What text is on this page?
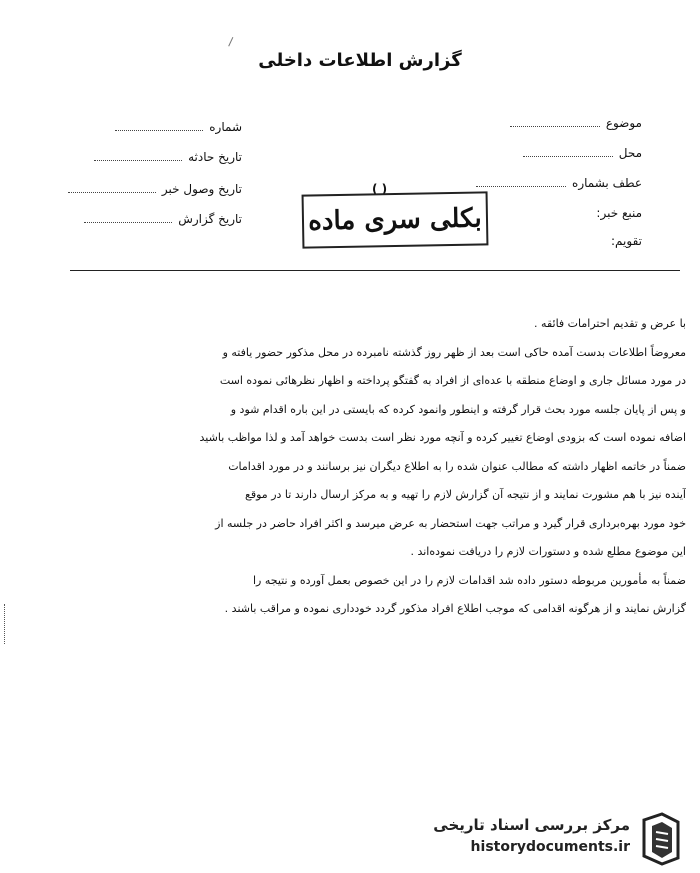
گزارش اطلاعات داخلی
موضوع
محل
عطف بشماره
منبع خبر:
تقویم:
شماره
تاریخ حادثه
تاریخ وصول خبر
تاریخ گزارش
( )
بکلی سری ماده
با عرض و تقدیم احترامات فائقه .
معروضاً اطلاعات بدست آمده حاکی است بعد از ظهر روز گذشته نامبرده در محل مذکور حضور یافته و
در مورد مسائل جاری و اوضاع منطقه با عده‌ای از افراد به گفتگو پرداخته و اظهار نظرهائی نموده است
و پس از پایان جلسه مورد بحث قرار گرفته و اینطور وانمود کرده که بایستی در این باره اقدام شود و
اضافه نموده است که بزودی اوضاع تغییر کرده و آنچه مورد نظر است بدست خواهد آمد و لذا مواظب باشید
ضمناً در خاتمه اظهار داشته که مطالب عنوان شده را به اطلاع دیگران نیز برسانند و در مورد اقدامات
آینده نیز با هم مشورت نمایند و از نتیجه آن گزارش لازم را تهیه و به مرکز ارسال دارند تا در موقع
خود مورد بهره‌برداری قرار گیرد و مراتب جهت استحضار به عرض میرسد و اکثر افراد حاضر در جلسه از
این موضوع مطلع شده و دستورات لازم را دریافت نموده‌اند .
ضمناً به مأمورین مربوطه دستور داده شد اقدامات لازم را در این خصوص بعمل آورده و نتیجه را
گزارش نمایند و از هرگونه اقدامی که موجب اطلاع افراد مذکور گردد خودداری نموده و مراقب باشند .
مرکز بررسی اسناد تاریخی
historydocuments.ir
